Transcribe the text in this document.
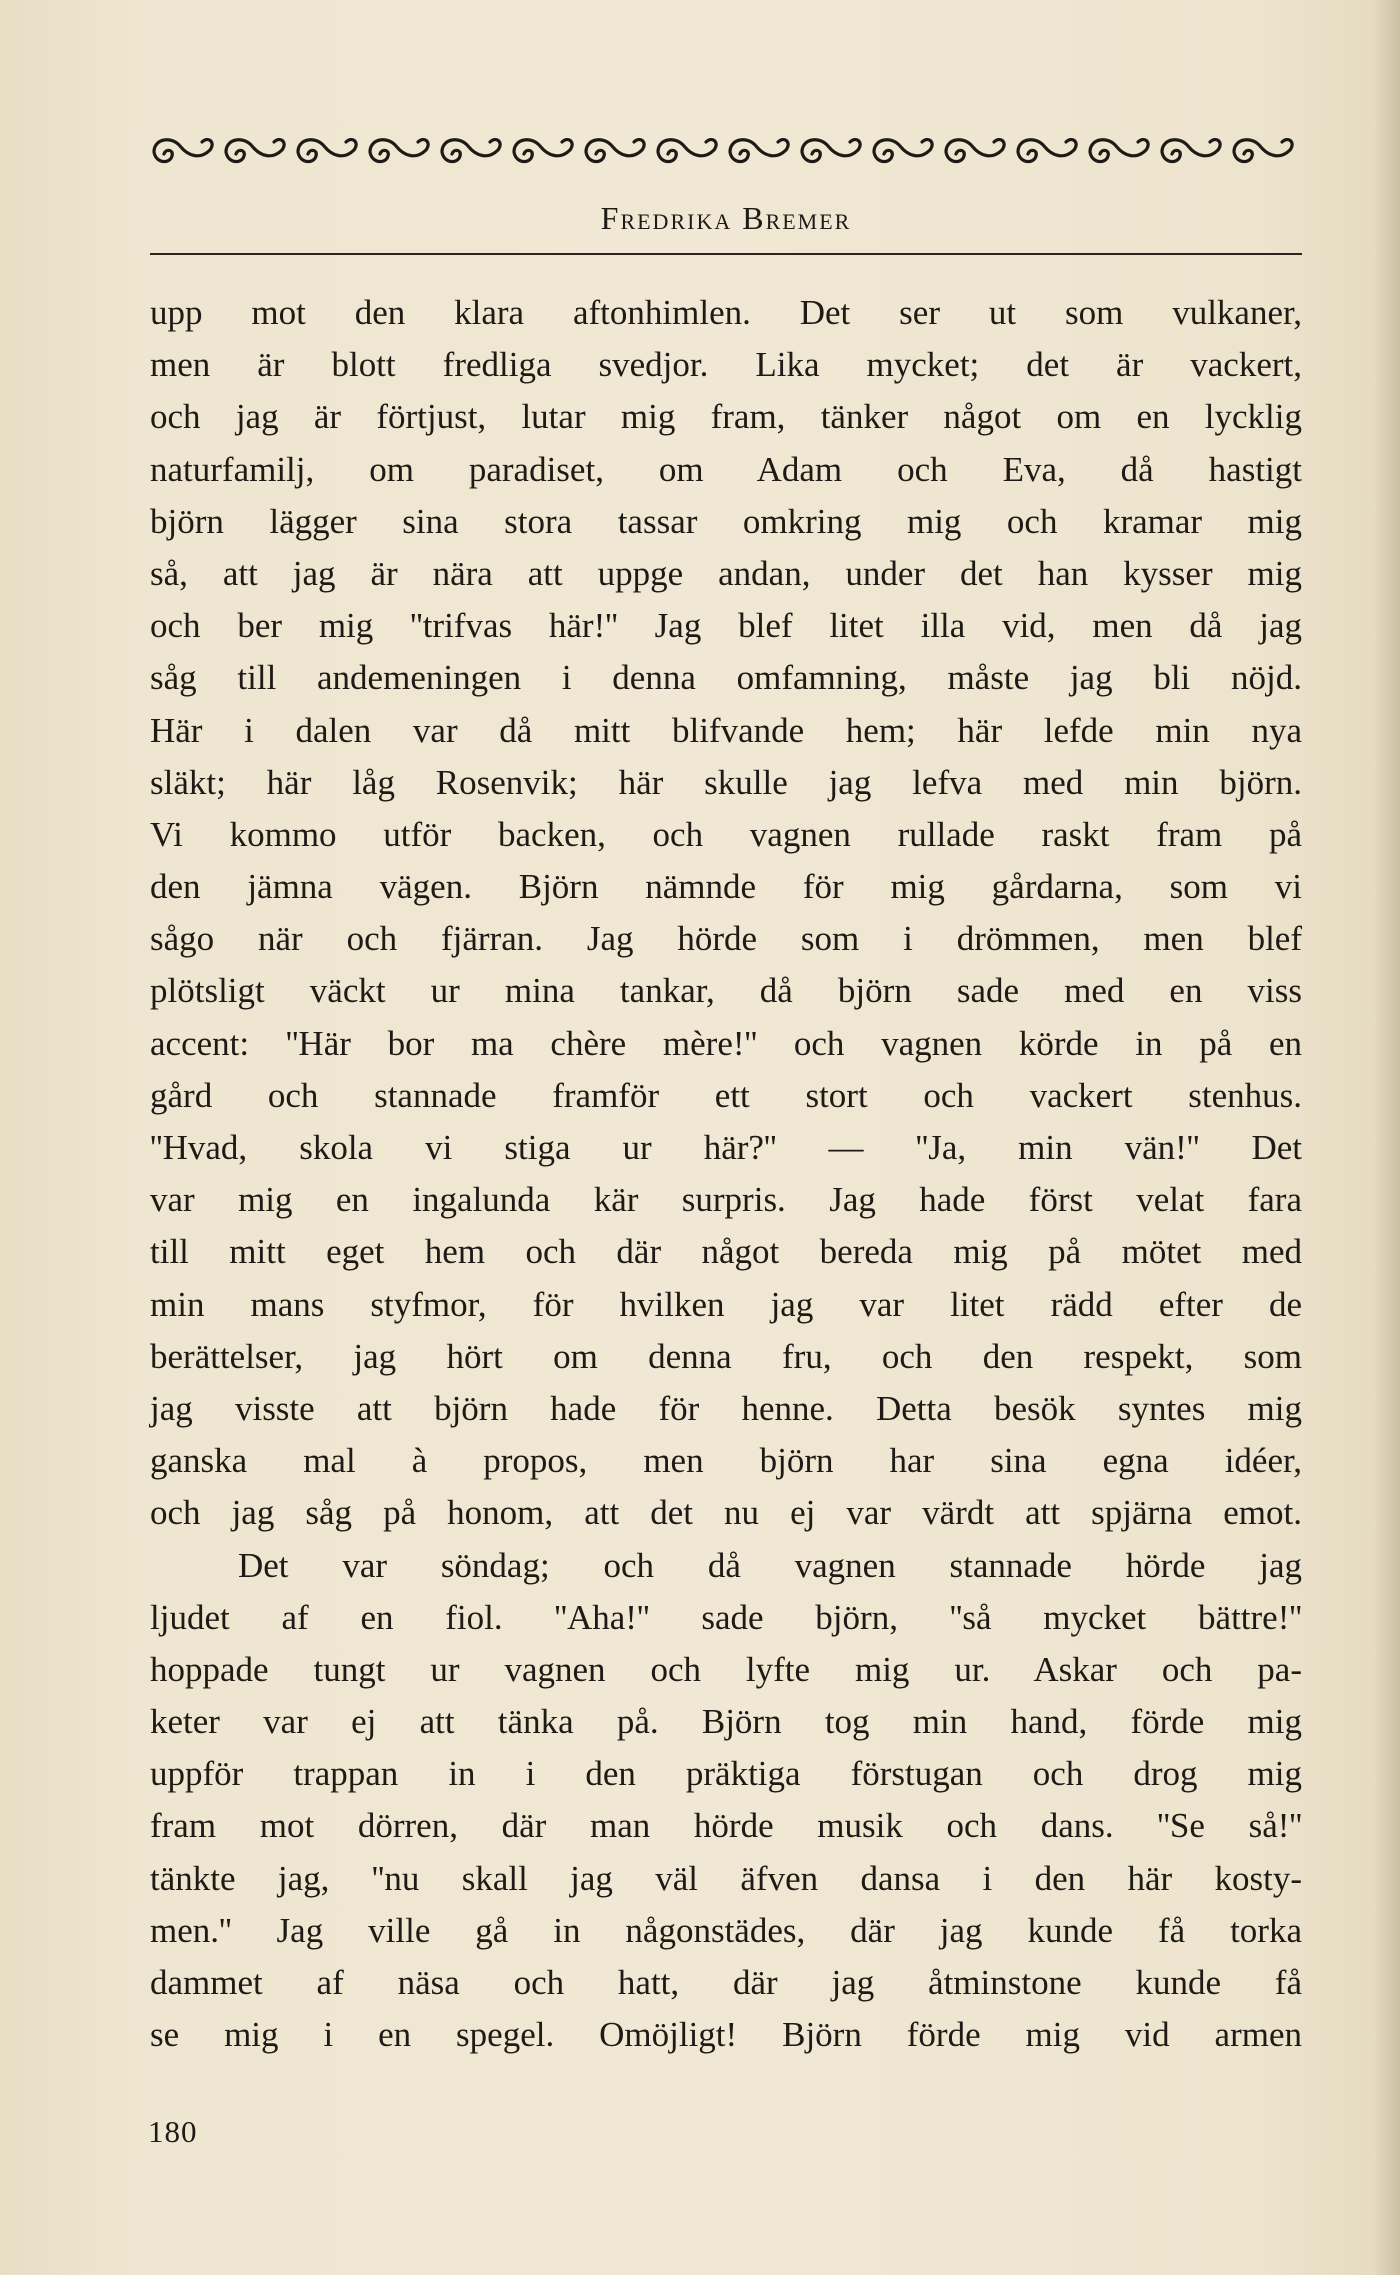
Fredrika Bremer
upp mot den klara aftonhimlen. Det ser ut som vulkaner,
men är blott fredliga svedjor. Lika mycket; det är vackert,
och jag är förtjust, lutar mig fram, tänker något om en lycklig
naturfamilj, om paradiset, om Adam och Eva, då hastigt
björn lägger sina stora tassar omkring mig och kramar mig
så, att jag är nära att uppge andan, under det han kysser mig
och ber mig ''trifvas här!'' Jag blef litet illa vid, men då jag
såg till andemeningen i denna omfamning, måste jag bli nöjd.
Här i dalen var då mitt blifvande hem; här lefde min nya
släkt; här låg Rosenvik; här skulle jag lefva med min björn.
Vi kommo utför backen, och vagnen rullade raskt fram på
den jämna vägen. Björn nämnde för mig gårdarna, som vi
sågo när och fjärran. Jag hörde som i drömmen, men blef
plötsligt väckt ur mina tankar, då björn sade med en viss
accent: ''Här bor ma chère mère!'' och vagnen körde in på en
gård och stannade framför ett stort och vackert stenhus.
''Hvad, skola vi stiga ur här?'' — ''Ja, min vän!'' Det
var mig en ingalunda kär surpris. Jag hade först velat fara
till mitt eget hem och där något bereda mig på mötet med
min mans styfmor, för hvilken jag var litet rädd efter de
berättelser, jag hört om denna fru, och den respekt, som
jag visste att björn hade för henne. Detta besök syntes mig
ganska mal à propos, men björn har sina egna idéer,
och jag såg på honom, att det nu ej var värdt att spjärna emot.
Det var söndag; och då vagnen stannade hörde jag
ljudet af en fiol. ''Aha!'' sade björn, ''så mycket bättre!''
hoppade tungt ur vagnen och lyfte mig ur. Askar och pa-
keter var ej att tänka på. Björn tog min hand, förde mig
uppför trappan in i den präktiga förstugan och drog mig
fram mot dörren, där man hörde musik och dans. ''Se så!''
tänkte jag, ''nu skall jag väl äfven dansa i den här kosty-
men.'' Jag ville gå in någonstädes, där jag kunde få torka
dammet af näsa och hatt, där jag åtminstone kunde få
se mig i en spegel. Omöjligt! Björn förde mig vid armen
180
